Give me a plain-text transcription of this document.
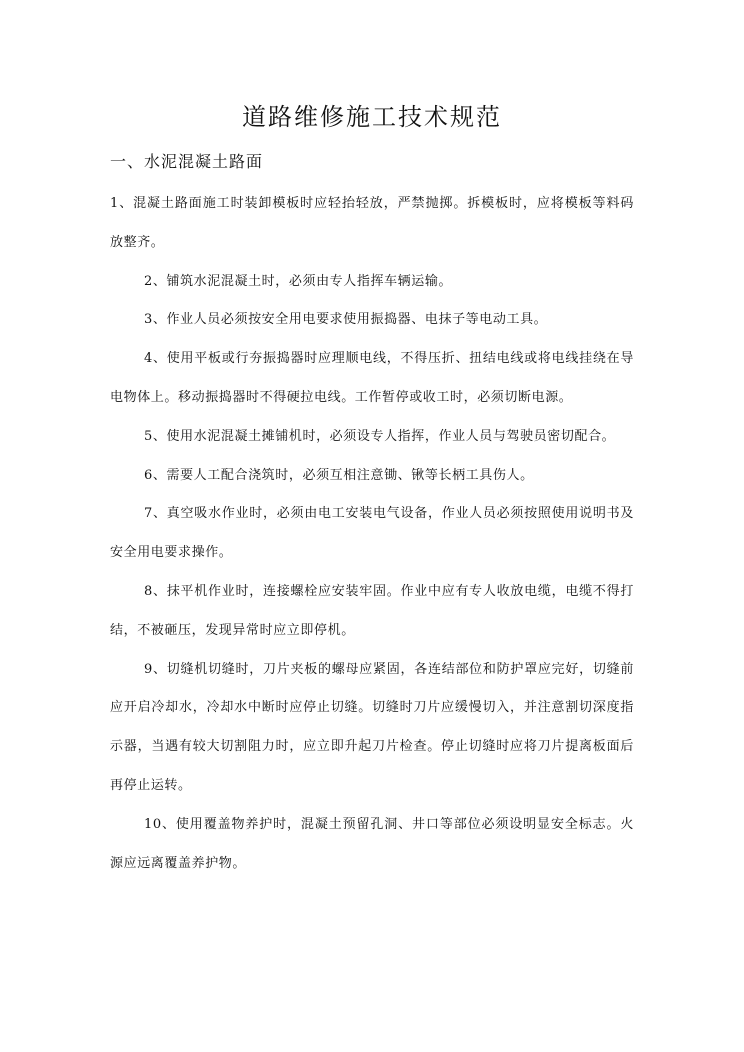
道路维修施工技术规范
一、水泥混凝土路面

1、混凝土路面施工时装卸模板时应轻抬轻放，严禁抛掷。拆模板时，应将模板等料码放整齐。

2、铺筑水泥混凝土时，必须由专人指挥车辆运输。

3、作业人员必须按安全用电要求使用振捣器、电抹子等电动工具。

4、使用平板或行夯振捣器时应理顺电线，不得压折、扭结电线或将电线挂绕在导电物体上。移动振捣器时不得硬拉电线。工作暂停或收工时，必须切断电源。

5、使用水泥混凝土摊铺机时，必须设专人指挥，作业人员与驾驶员密切配合。

6、需要人工配合浇筑时，必须互相注意锄、锹等长柄工具伤人。

7、真空吸水作业时，必须由电工安装电气设备，作业人员必须按照使用说明书及安全用电要求操作。

8、抹平机作业时，连接螺栓应安装牢固。作业中应有专人收放电缆，电缆不得打结，不被砸压，发现异常时应立即停机。

9、切缝机切缝时，刀片夹板的螺母应紧固，各连结部位和防护罩应完好，切缝前应开启冷却水，冷却水中断时应停止切缝。切缝时刀片应缓慢切入，并注意割切深度指示器，当遇有较大切割阻力时，应立即升起刀片检查。停止切缝时应将刀片提离板面后再停止运转。

10、使用覆盖物养护时，混凝土预留孔洞、井口等部位必须设明显安全标志。火源应远离覆盖养护物。
